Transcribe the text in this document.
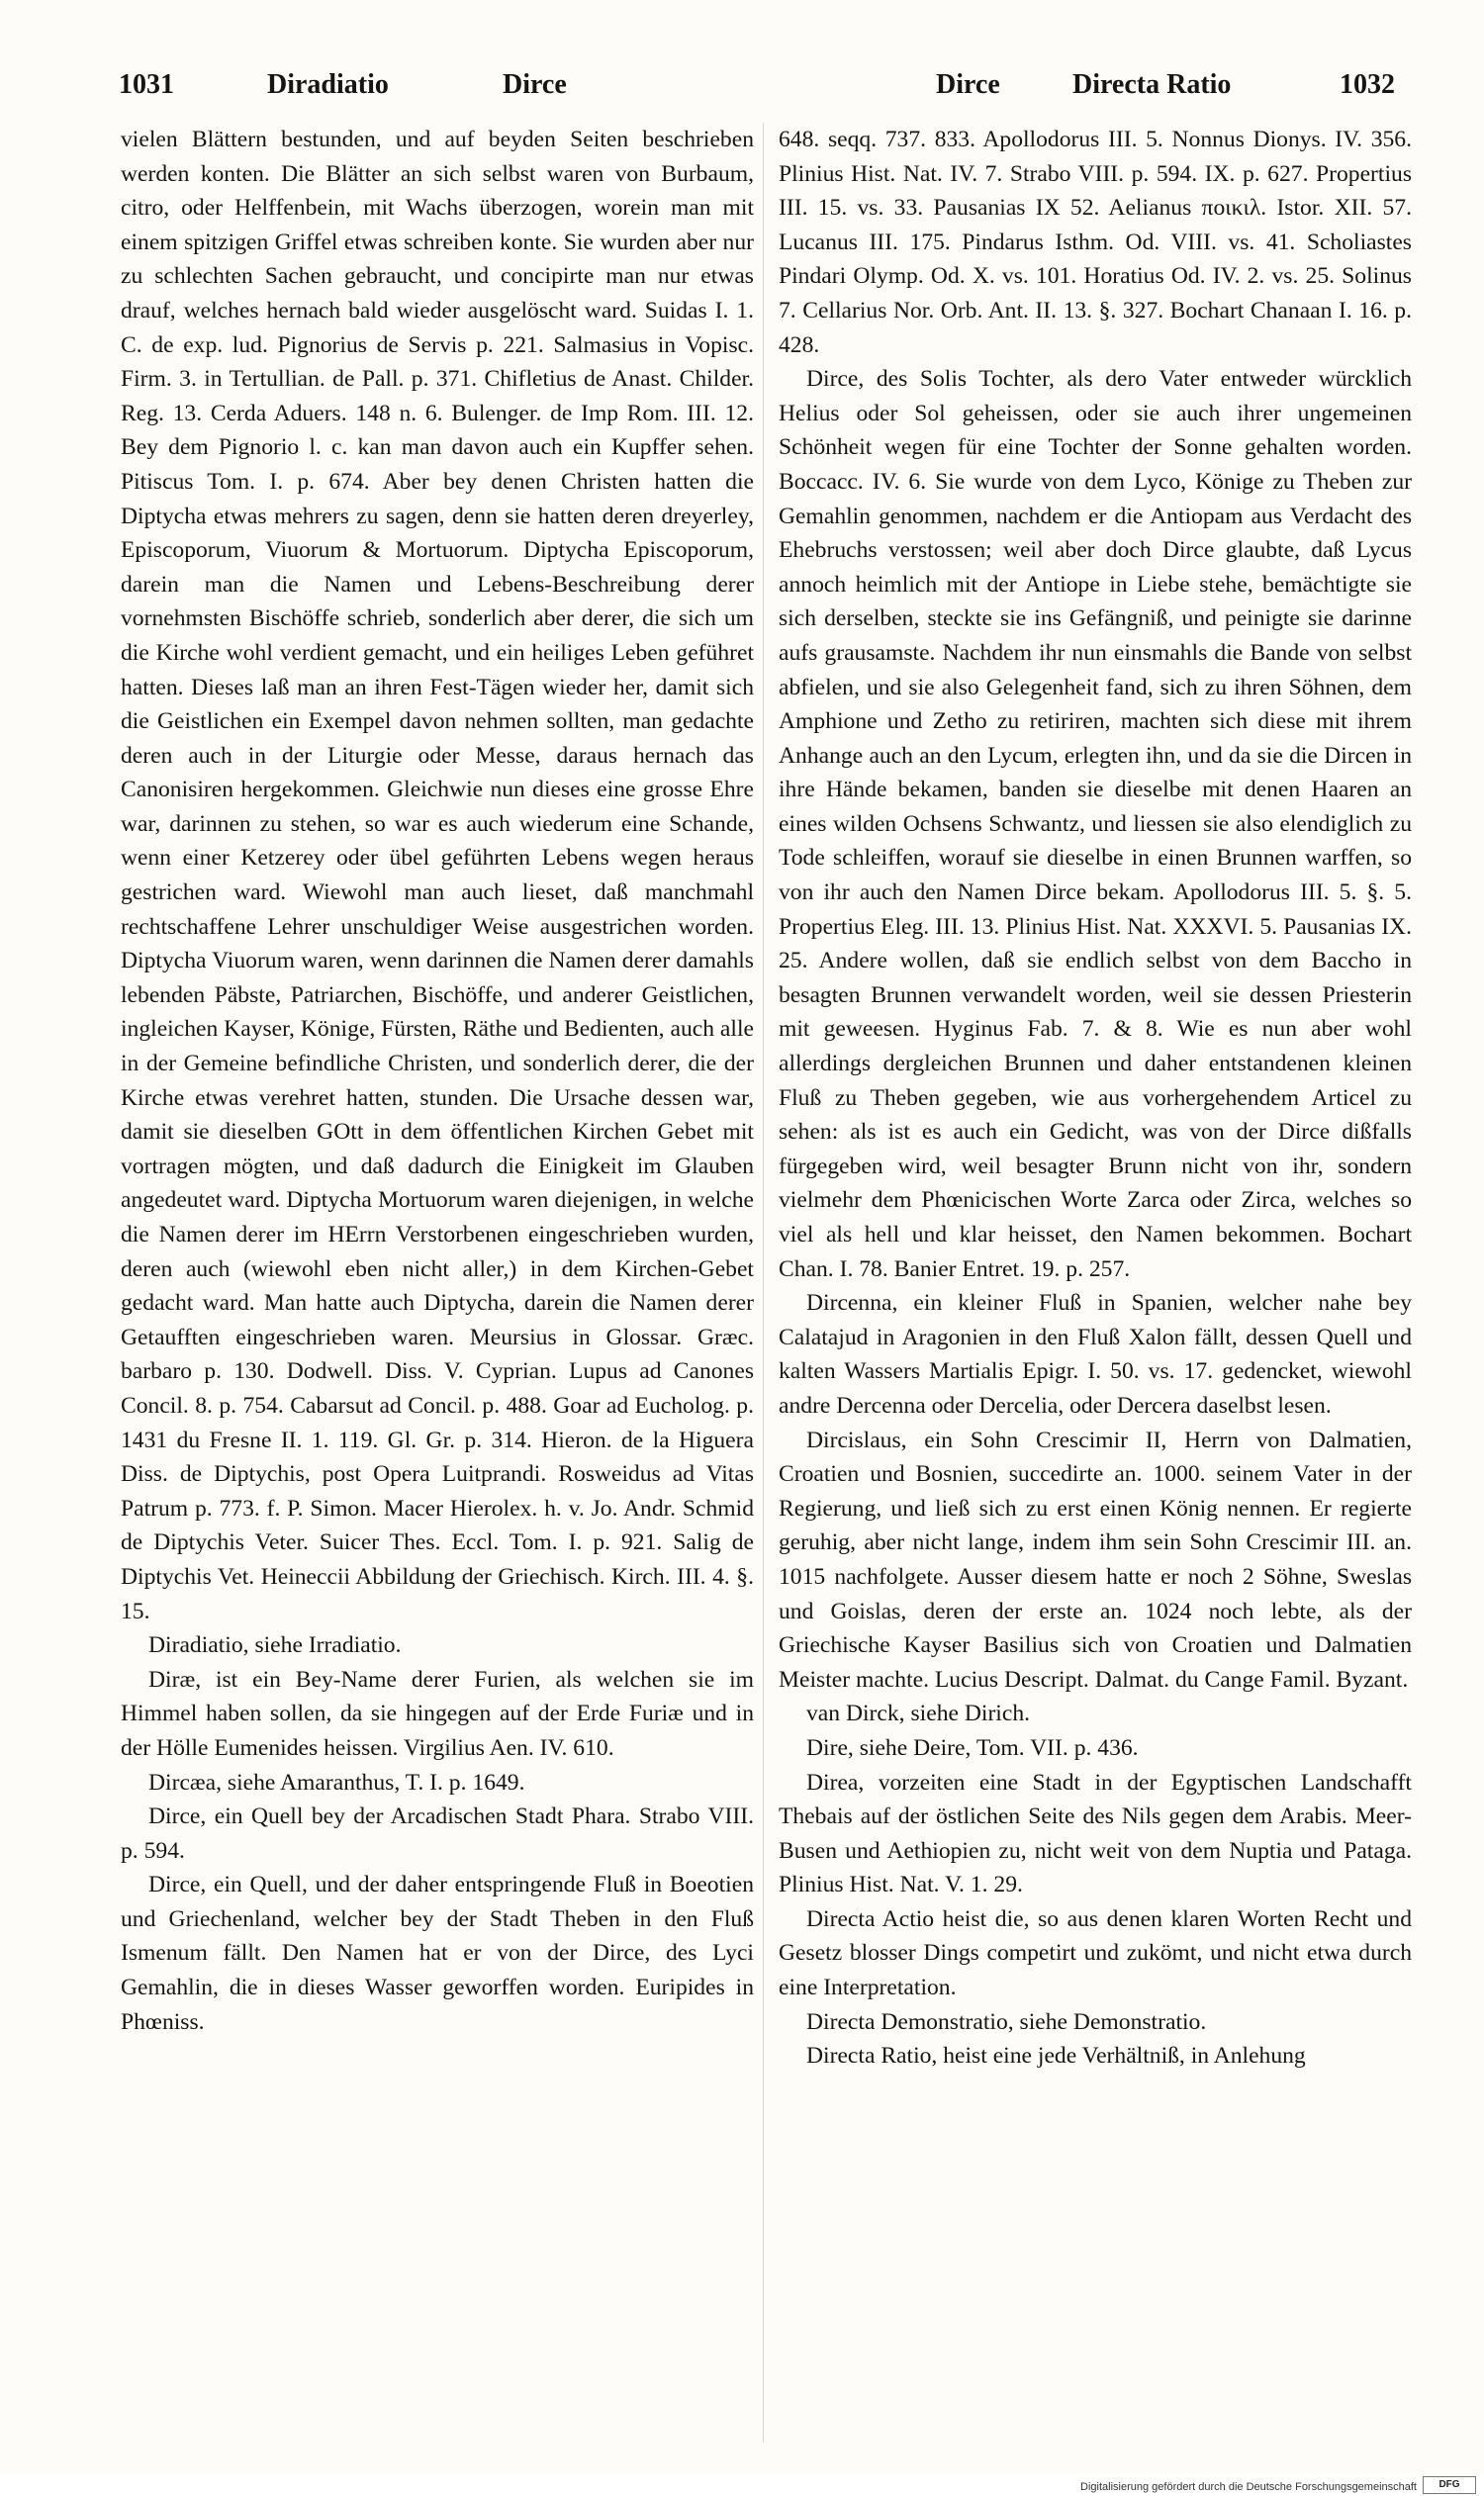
1031	Diradiatio	Dirce	Dirce	Directa Ratio	1032

vielen Blättern bestunden, und auf beyden Seiten beschrieben werden konten. Die Blätter an sich selbst waren von Burbaum, citro, oder Helffenbein, mit Wachs überzogen, worein man mit einem spitzigen Griffel etwas schreiben konte. Sie wurden aber nur zu schlechten Sachen gebraucht, und concipirte man nur etwas drauf, welches hernach bald wieder ausgelöscht ward. Suidas I. 1. C. de exp. lud. Pignorius de Servis p. 221. Salmasius in Vopisc. Firm. 3. in Tertullian. de Pall. p. 371. Chifletius de Anast. Childer. Reg. 13. Cerda Aduers. 148 n. 6. Bulenger. de Imp Rom. III. 12. Bey dem Pignorio l. c. kan man davon auch ein Kupffer sehen. Pitiscus Tom. I. p. 674. Aber bey denen Christen hatten die Diptycha etwas mehrers zu sagen, denn sie hatten deren dreyerley, Episcoporum, Viuorum & Mortuorum. Diptycha Episcoporum, darein man die Namen und Lebens-Beschreibung derer vornehmsten Bischöffe schrieb, sonderlich aber derer, die sich um die Kirche wohl verdient gemacht, und ein heiliges Leben geführet hatten. Dieses laß man an ihren Fest-Tägen wieder her, damit sich die Geistlichen ein Exempel davon nehmen sollten, man gedachte deren auch in der Liturgie oder Messe, daraus hernach das Canonisiren hergekommen. Gleichwie nun dieses eine grosse Ehre war, darinnen zu stehen, so war es auch wiederum eine Schande, wenn einer Ketzerey oder übel geführten Lebens wegen heraus gestrichen ward. Wiewohl man auch lieset, daß manchmahl rechtschaffene Lehrer unschuldiger Weise ausgestrichen worden. Diptycha Viuorum waren, wenn darinnen die Namen derer damahls lebenden Päbste, Patriarchen, Bischöffe, und anderer Geistlichen, ingleichen Kayser, Könige, Fürsten, Räthe und Bedienten, auch alle in der Gemeine befindliche Christen, und sonderlich derer, die der Kirche etwas verehret hatten, stunden. Die Ursache dessen war, damit sie dieselben GOtt in dem öffentlichen Kirchen Gebet mit vortragen mögten, und daß dadurch die Einigkeit im Glauben angedeutet ward. Diptycha Mortuorum waren diejenigen, in welche die Namen derer im HErrn Verstorbenen eingeschrieben wurden, deren auch (wiewohl eben nicht aller,) in dem Kirchen-Gebet gedacht ward. Man hatte auch Diptycha, darein die Namen derer Getaufften eingeschrieben waren. Meursius in Glossar. Græc. barbaro p. 130. Dodwell. Diss. V. Cyprian. Lupus ad Canones Concil. 8. p. 754. Cabarsut ad Concil. p. 488. Goar ad Eucholog. p. 1431 du Fresne II. 1. 119. Gl. Gr. p. 314. Hieron. de la Higuera Diss. de Diptychis, post Opera Luitprandi. Rosweidus ad Vitas Patrum p. 773. f. P. Simon. Macer Hierolex. h. v. Jo. Andr. Schmid de Diptychis Veter. Suicer Thes. Eccl. Tom. I. p. 921. Salig de Diptychis Vet. Heineccii Abbildung der Griechisch. Kirch. III. 4. §. 15.

Diradiatio, siehe Irradiatio.

Diræ, ist ein Bey-Name derer Furien, als welchen sie im Himmel haben sollen, da sie hingegen auf der Erde Furiæ und in der Hölle Eumenides heissen. Virgilius Aen. IV. 610.

Dircæa, siehe Amaranthus, T. I. p. 1649.

Dirce, ein Quell bey der Arcadischen Stadt Phara. Strabo VIII. p. 594.

Dirce, ein Quell, und der daher entspringende Fluß in Boeotien und Griechenland, welcher bey der Stadt Theben in den Fluß Ismenum fällt. Den Namen hat er von der Dirce, des Lyci Gemahlin, die in dieses Wasser geworffen worden. Euripides in Phœniss.

648. seqq. 737. 833. Apollodorus III. 5. Nonnus Dionys. IV. 356. Plinius Hist. Nat. IV. 7. Strabo VIII. p. 594. IX. p. 627. Propertius III. 15. vs. 33. Pausanias IX 52. Aelianus ποικιλ. Istor. XII. 57. Lucanus III. 175. Pindarus Isthm. Od. VIII. vs. 41. Scholiastes Pindari Olymp. Od. X. vs. 101. Horatius Od. IV. 2. vs. 25. Solinus 7. Cellarius Nor. Orb. Ant. II. 13. §. 327. Bochart Chanaan I. 16. p. 428.

Dirce, des Solis Tochter, als dero Vater entweder würcklich Helius oder Sol geheissen, oder sie auch ihrer ungemeinen Schönheit wegen für eine Tochter der Sonne gehalten worden. Boccacc. IV. 6. Sie wurde von dem Lyco, Könige zu Theben zur Gemahlin genommen, nachdem er die Antiopam aus Verdacht des Ehebruchs verstossen; weil aber doch Dirce glaubte, daß Lycus annoch heimlich mit der Antiope in Liebe stehe, bemächtigte sie sich derselben, steckte sie ins Gefängniß, und peinigte sie darinne aufs grausamste. Nachdem ihr nun einsmahls die Bande von selbst abfielen, und sie also Gelegenheit fand, sich zu ihren Söhnen, dem Amphione und Zetho zu retiriren, machten sich diese mit ihrem Anhange auch an den Lycum, erlegten ihn, und da sie die Dircen in ihre Hände bekamen, banden sie dieselbe mit denen Haaren an eines wilden Ochsens Schwantz, und liessen sie also elendiglich zu Tode schleiffen, worauf sie dieselbe in einen Brunnen warffen, so von ihr auch den Namen Dirce bekam. Apollodorus III. 5. §. 5. Propertius Eleg. III. 13. Plinius Hist. Nat. XXXVI. 5. Pausanias IX. 25. Andere wollen, daß sie endlich selbst von dem Baccho in besagten Brunnen verwandelt worden, weil sie dessen Priesterin mit geweesen. Hyginus Fab. 7. & 8. Wie es nun aber wohl allerdings dergleichen Brunnen und daher entstandenen kleinen Fluß zu Theben gegeben, wie aus vorhergehendem Articel zu sehen: als ist es auch ein Gedicht, was von der Dirce dißfalls fürgegeben wird, weil besagter Brunn nicht von ihr, sondern vielmehr dem Phœnicischen Worte Zarca oder Zirca, welches so viel als hell und klar heisset, den Namen bekommen. Bochart Chan. I. 78. Banier Entret. 19. p. 257.

Dircenna, ein kleiner Fluß in Spanien, welcher nahe bey Calatajud in Aragonien in den Fluß Xalon fällt, dessen Quell und kalten Wassers Martialis Epigr. I. 50. vs. 17. gedencket, wiewohl andre Dercenna oder Dercelia, oder Dercera daselbst lesen.

Dircislaus, ein Sohn Crescimir II, Herrn von Dalmatien, Croatien und Bosnien, succedirte an. 1000. seinem Vater in der Regierung, und ließ sich zu erst einen König nennen. Er regierte geruhig, aber nicht lange, indem ihm sein Sohn Crescimir III. an. 1015 nachfolgete. Ausser diesem hatte er noch 2 Söhne, Sweslas und Goislas, deren der erste an. 1024 noch lebte, als der Griechische Kayser Basilius sich von Croatien und Dalmatien Meister machte. Lucius Descript. Dalmat. du Cange Famil. Byzant.

van Dirck, siehe Dirich.

Dire, siehe Deire, Tom. VII. p. 436.

Direa, vorzeiten eine Stadt in der Egyptischen Landschafft Thebais auf der östlichen Seite des Nils gegen dem Arabis. Meer-Busen und Aethiopien zu, nicht weit von dem Nuptia und Pataga. Plinius Hist. Nat. V. 1. 29.

Directa Actio heist die, so aus denen klaren Worten Recht und Gesetz blosser Dings competirt und zukömt, und nicht etwa durch eine Interpretation.

Directa Demonstratio, siehe Demonstratio.

Directa Ratio, heist eine jede Verhältniß, in Anlehung

Digitalisierung gefördert durch die Deutsche Forschungsgemeinschaft	DFG
